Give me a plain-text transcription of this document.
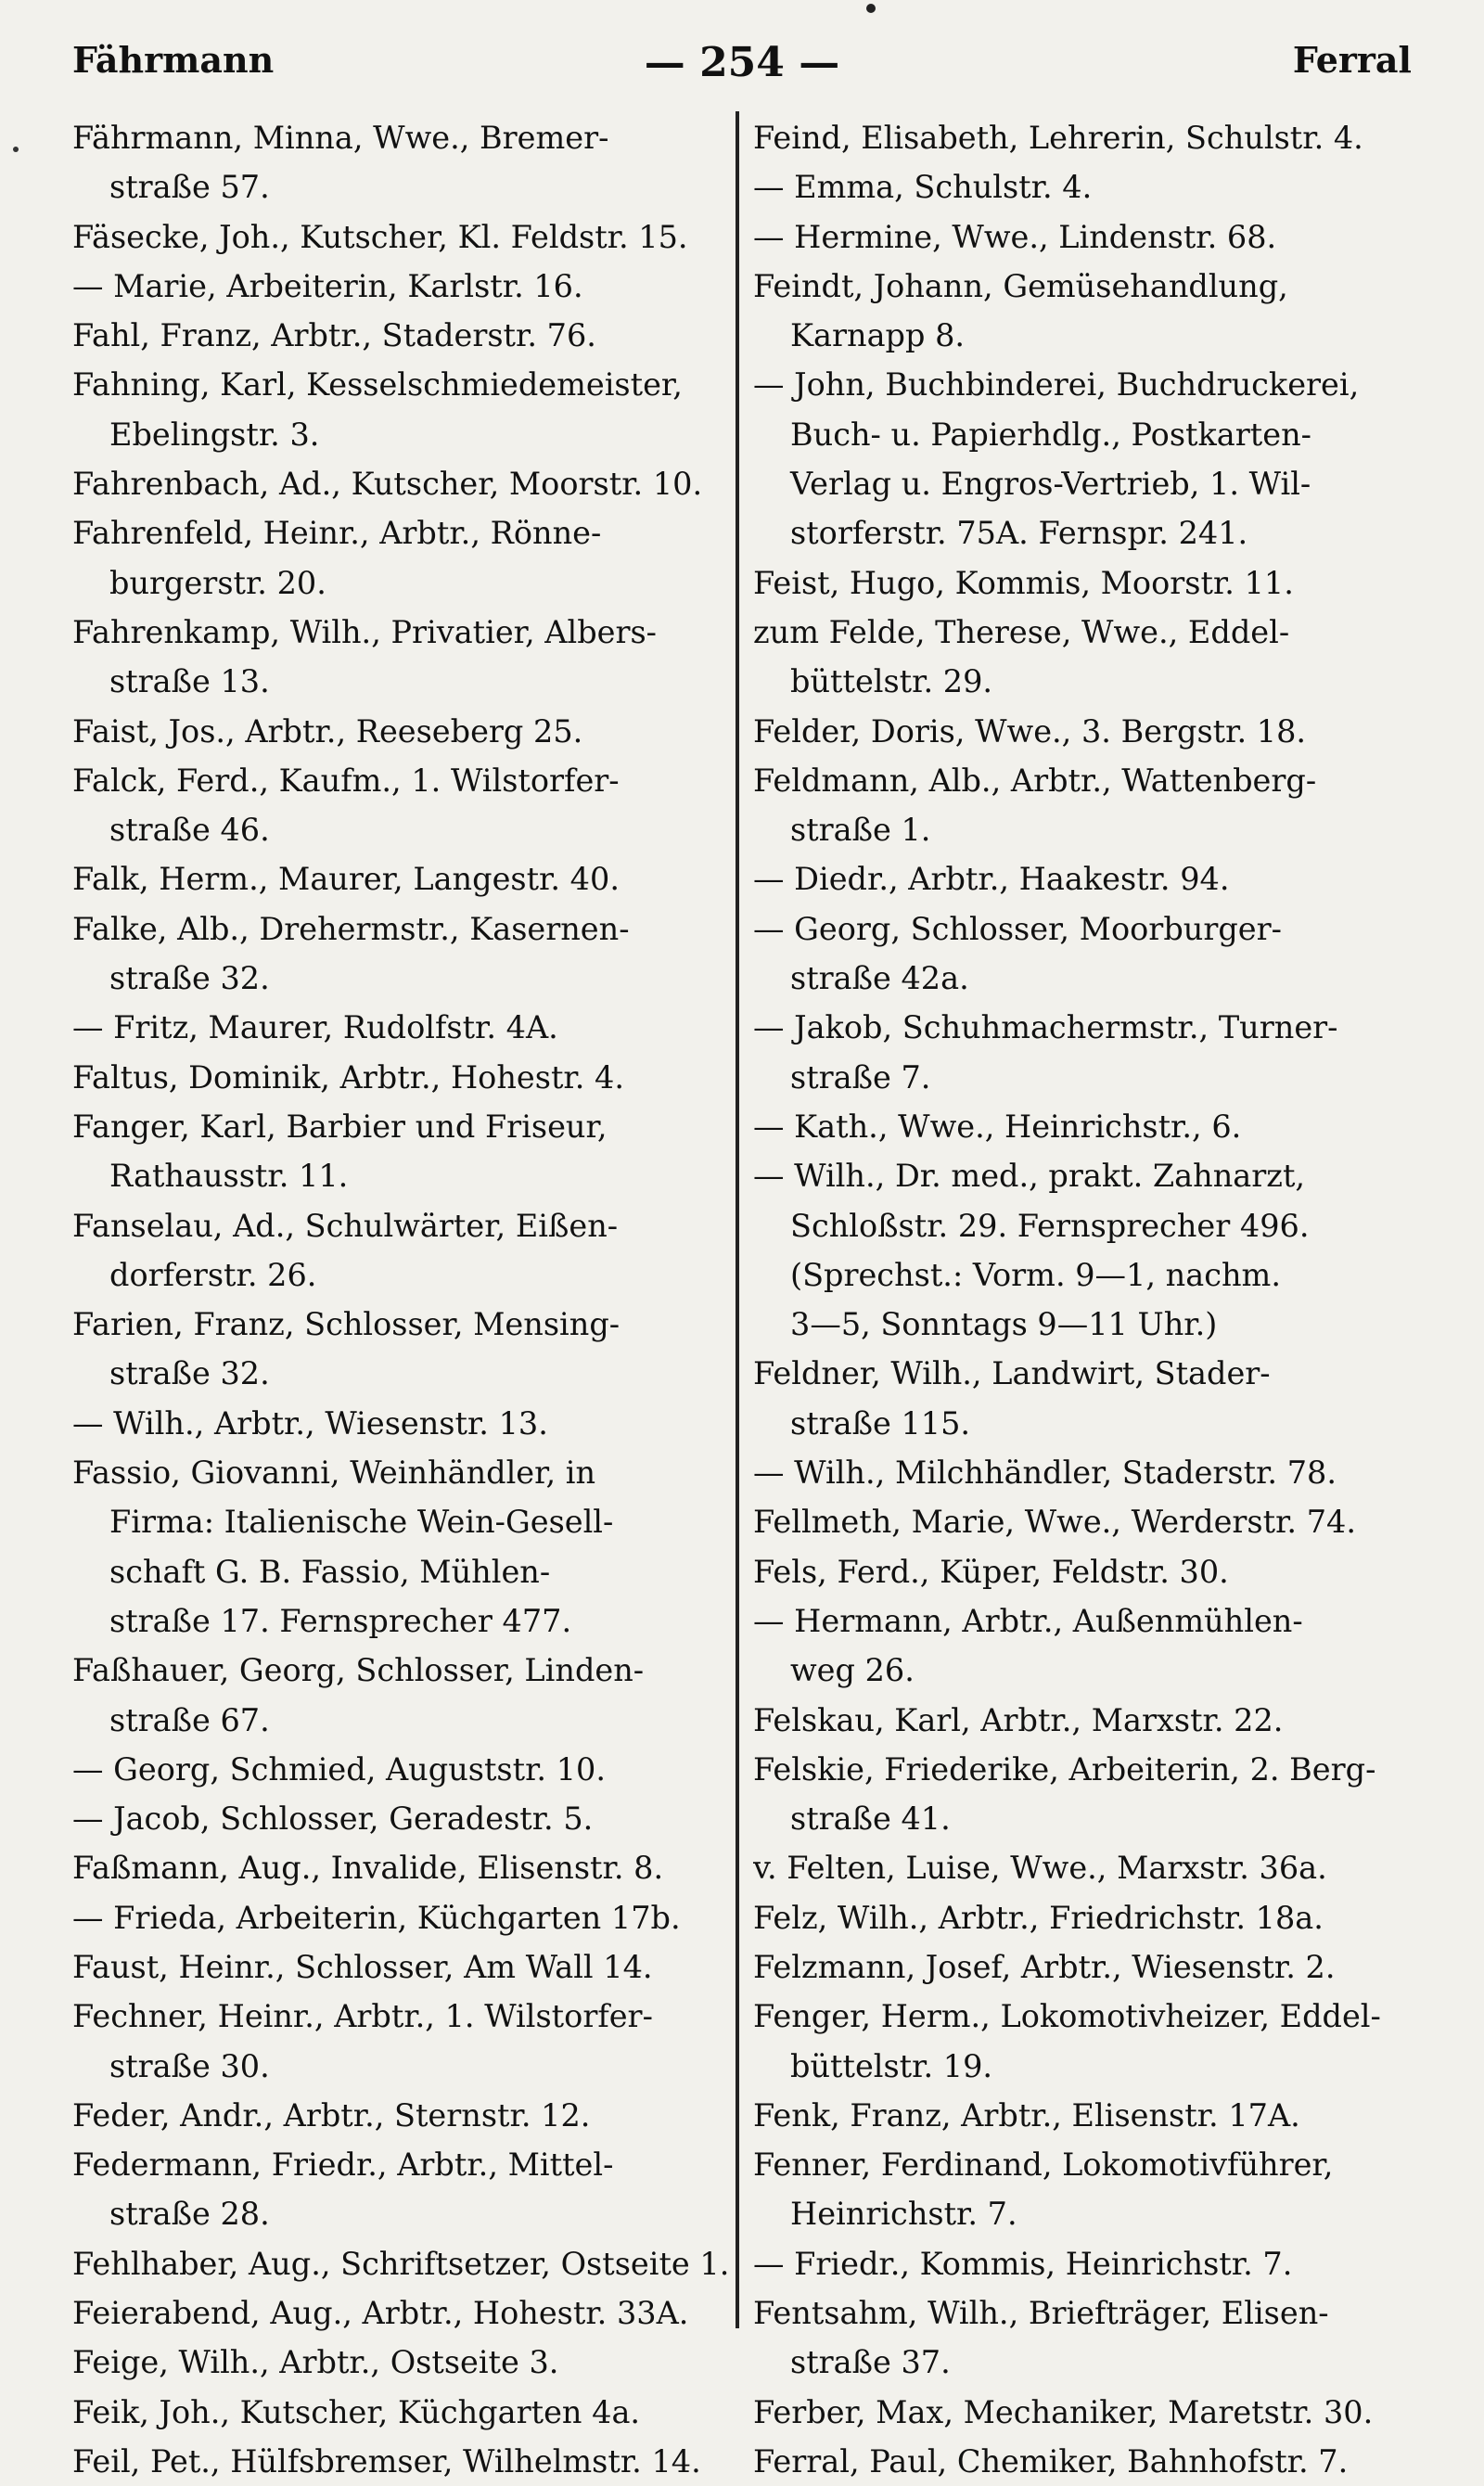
— 254 —
Fährmann	Ferral
Fährmann, Minna, Wwe., Bremer-
straße 57.
Fäsecke, Joh., Kutscher, Kl. Feldstr. 15.
— Marie, Arbeiterin, Karlstr. 16.
Fahl, Franz, Arbtr., Staderstr. 76.
Fahning, Karl, Kesselschmiedemeister,
Ebelingstr. 3.
Fahrenbach, Ad., Kutscher, Moorstr. 10.
Fahrenfeld, Heinr., Arbtr., Rönne-
burgerstr. 20.
Fahrenkamp, Wilh., Privatier, Albers-
straße 13.
Faist, Jos., Arbtr., Reeseberg 25.
Falck, Ferd., Kaufm., 1. Wilstorfer-
straße 46.
Falk, Herm., Maurer, Langestr. 40.
Falke, Alb., Drehermstr., Kasernen-
straße 32.
— Fritz, Maurer, Rudolfstr. 4A.
Faltus, Dominik, Arbtr., Hohestr. 4.
Fanger, Karl, Barbier und Friseur,
Rathausstr. 11.
Fanselau, Ad., Schulwärter, Eißen-
dorferstr. 26.
Farien, Franz, Schlosser, Mensing-
straße 32.
— Wilh., Arbtr., Wiesenstr. 13.
Fassio, Giovanni, Weinhändler, in
Firma: Italienische Wein-Gesell-
schaft G. B. Fassio, Mühlen-
straße 17. Fernsprecher 477.
Faßhauer, Georg, Schlosser, Linden-
straße 67.
— Georg, Schmied, Auguststr. 10.
— Jacob, Schlosser, Geradestr. 5.
Faßmann, Aug., Invalide, Elisenstr. 8.
— Frieda, Arbeiterin, Küchgarten 17b.
Faust, Heinr., Schlosser, Am Wall 14.
Fechner, Heinr., Arbtr., 1. Wilstorfer-
straße 30.
Feder, Andr., Arbtr., Sternstr. 12.
Federmann, Friedr., Arbtr., Mittel-
straße 28.
Fehlhaber, Aug., Schriftsetzer, Ostseite 1.
Feierabend, Aug., Arbtr., Hohestr. 33A.
Feige, Wilh., Arbtr., Ostseite 3.
Feik, Joh., Kutscher, Küchgarten 4a.
Feil, Pet., Hülfsbremser, Wilhelmstr. 14.
Feind, Elisabeth, Lehrerin, Schulstr. 4.
— Emma, Schulstr. 4.
— Hermine, Wwe., Lindenstr. 68.
Feindt, Johann, Gemüsehandlung,
Karnapp 8.
— John, Buchbinderei, Buchdruckerei,
Buch- u. Papierhdlg., Postkarten-
Verlag u. Engros-Vertrieb, 1. Wil-
storferstr. 75A. Fernspr. 241.
Feist, Hugo, Kommis, Moorstr. 11.
zum Felde, Therese, Wwe., Eddel-
büttelstr. 29.
Felder, Doris, Wwe., 3. Bergstr. 18.
Feldmann, Alb., Arbtr., Wattenberg-
straße 1.
— Diedr., Arbtr., Haakestr. 94.
— Georg, Schlosser, Moorburger-
straße 42a.
— Jakob, Schuhmachermstr., Turner-
straße 7.
— Kath., Wwe., Heinrichstr., 6.
— Wilh., Dr. med., prakt. Zahnarzt,
Schloßstr. 29. Fernsprecher 496.
(Sprechst.: Vorm. 9—1, nachm.
3—5, Sonntags 9—11 Uhr.)
Feldner, Wilh., Landwirt, Stader-
straße 115.
— Wilh., Milchhändler, Staderstr. 78.
Fellmeth, Marie, Wwe., Werderstr. 74.
Fels, Ferd., Küper, Feldstr. 30.
— Hermann, Arbtr., Außenmühlen-
weg 26.
Felskau, Karl, Arbtr., Marxstr. 22.
Felskie, Friederike, Arbeiterin, 2. Berg-
straße 41.
v. Felten, Luise, Wwe., Marxstr. 36a.
Felz, Wilh., Arbtr., Friedrichstr. 18a.
Felzmann, Josef, Arbtr., Wiesenstr. 2.
Fenger, Herm., Lokomotivheizer, Eddel-
büttelstr. 19.
Fenk, Franz, Arbtr., Elisenstr. 17A.
Fenner, Ferdinand, Lokomotivführer,
Heinrichstr. 7.
— Friedr., Kommis, Heinrichstr. 7.
Fentsahm, Wilh., Briefträger, Elisen-
straße 37.
Ferber, Max, Mechaniker, Maretstr. 30.
Ferral, Paul, Chemiker, Bahnhofstr. 7.
